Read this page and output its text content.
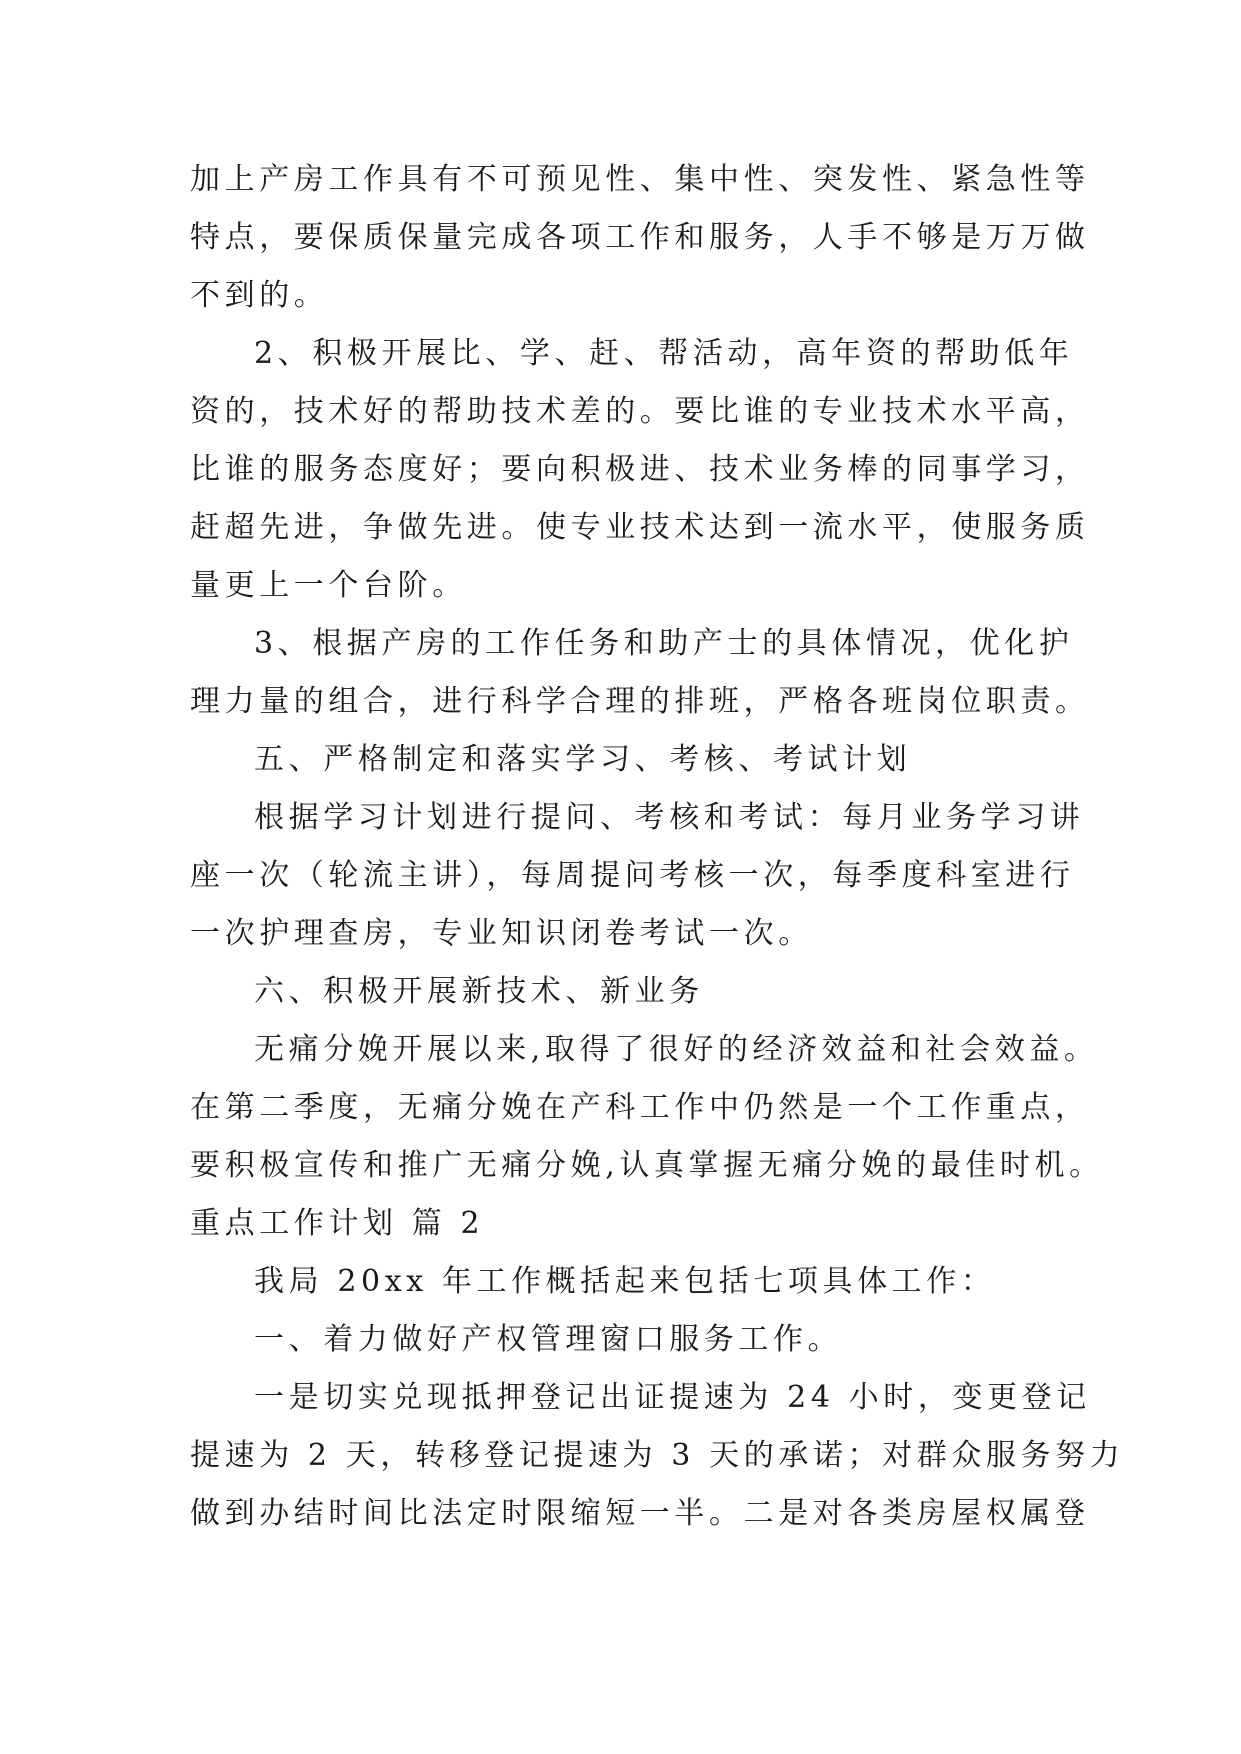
加上产房工作具有不可预见性、集中性、突发性、紧急性等
特点，要保质保量完成各项工作和服务，人手不够是万万做
不到的。
2、积极开展比、学、赶、帮活动，高年资的帮助低年
资的，技术好的帮助技术差的。要比谁的专业技术水平高，
比谁的服务态度好；要向积极进、技术业务棒的同事学习，
赶超先进，争做先进。使专业技术达到一流水平，使服务质
量更上一个台阶。
3、根据产房的工作任务和助产士的具体情况，优化护
理力量的组合，进行科学合理的排班，严格各班岗位职责。
五、严格制定和落实学习、考核、考试计划
根据学习计划进行提问、考核和考试：每月业务学习讲
座一次（轮流主讲），每周提问考核一次，每季度科室进行
一次护理查房，专业知识闭卷考试一次。
六、积极开展新技术、新业务
无痛分娩开展以来,取得了很好的经济效益和社会效益。
在第二季度，无痛分娩在产科工作中仍然是一个工作重点，
要积极宣传和推广无痛分娩,认真掌握无痛分娩的最佳时机。
重点工作计划 篇 2
我局 20xx 年工作概括起来包括七项具体工作：
一、着力做好产权管理窗口服务工作。
一是切实兑现抵押登记出证提速为 24 小时，变更登记
提速为 2 天，转移登记提速为 3 天的承诺；对群众服务努力
做到办结时间比法定时限缩短一半。二是对各类房屋权属登
